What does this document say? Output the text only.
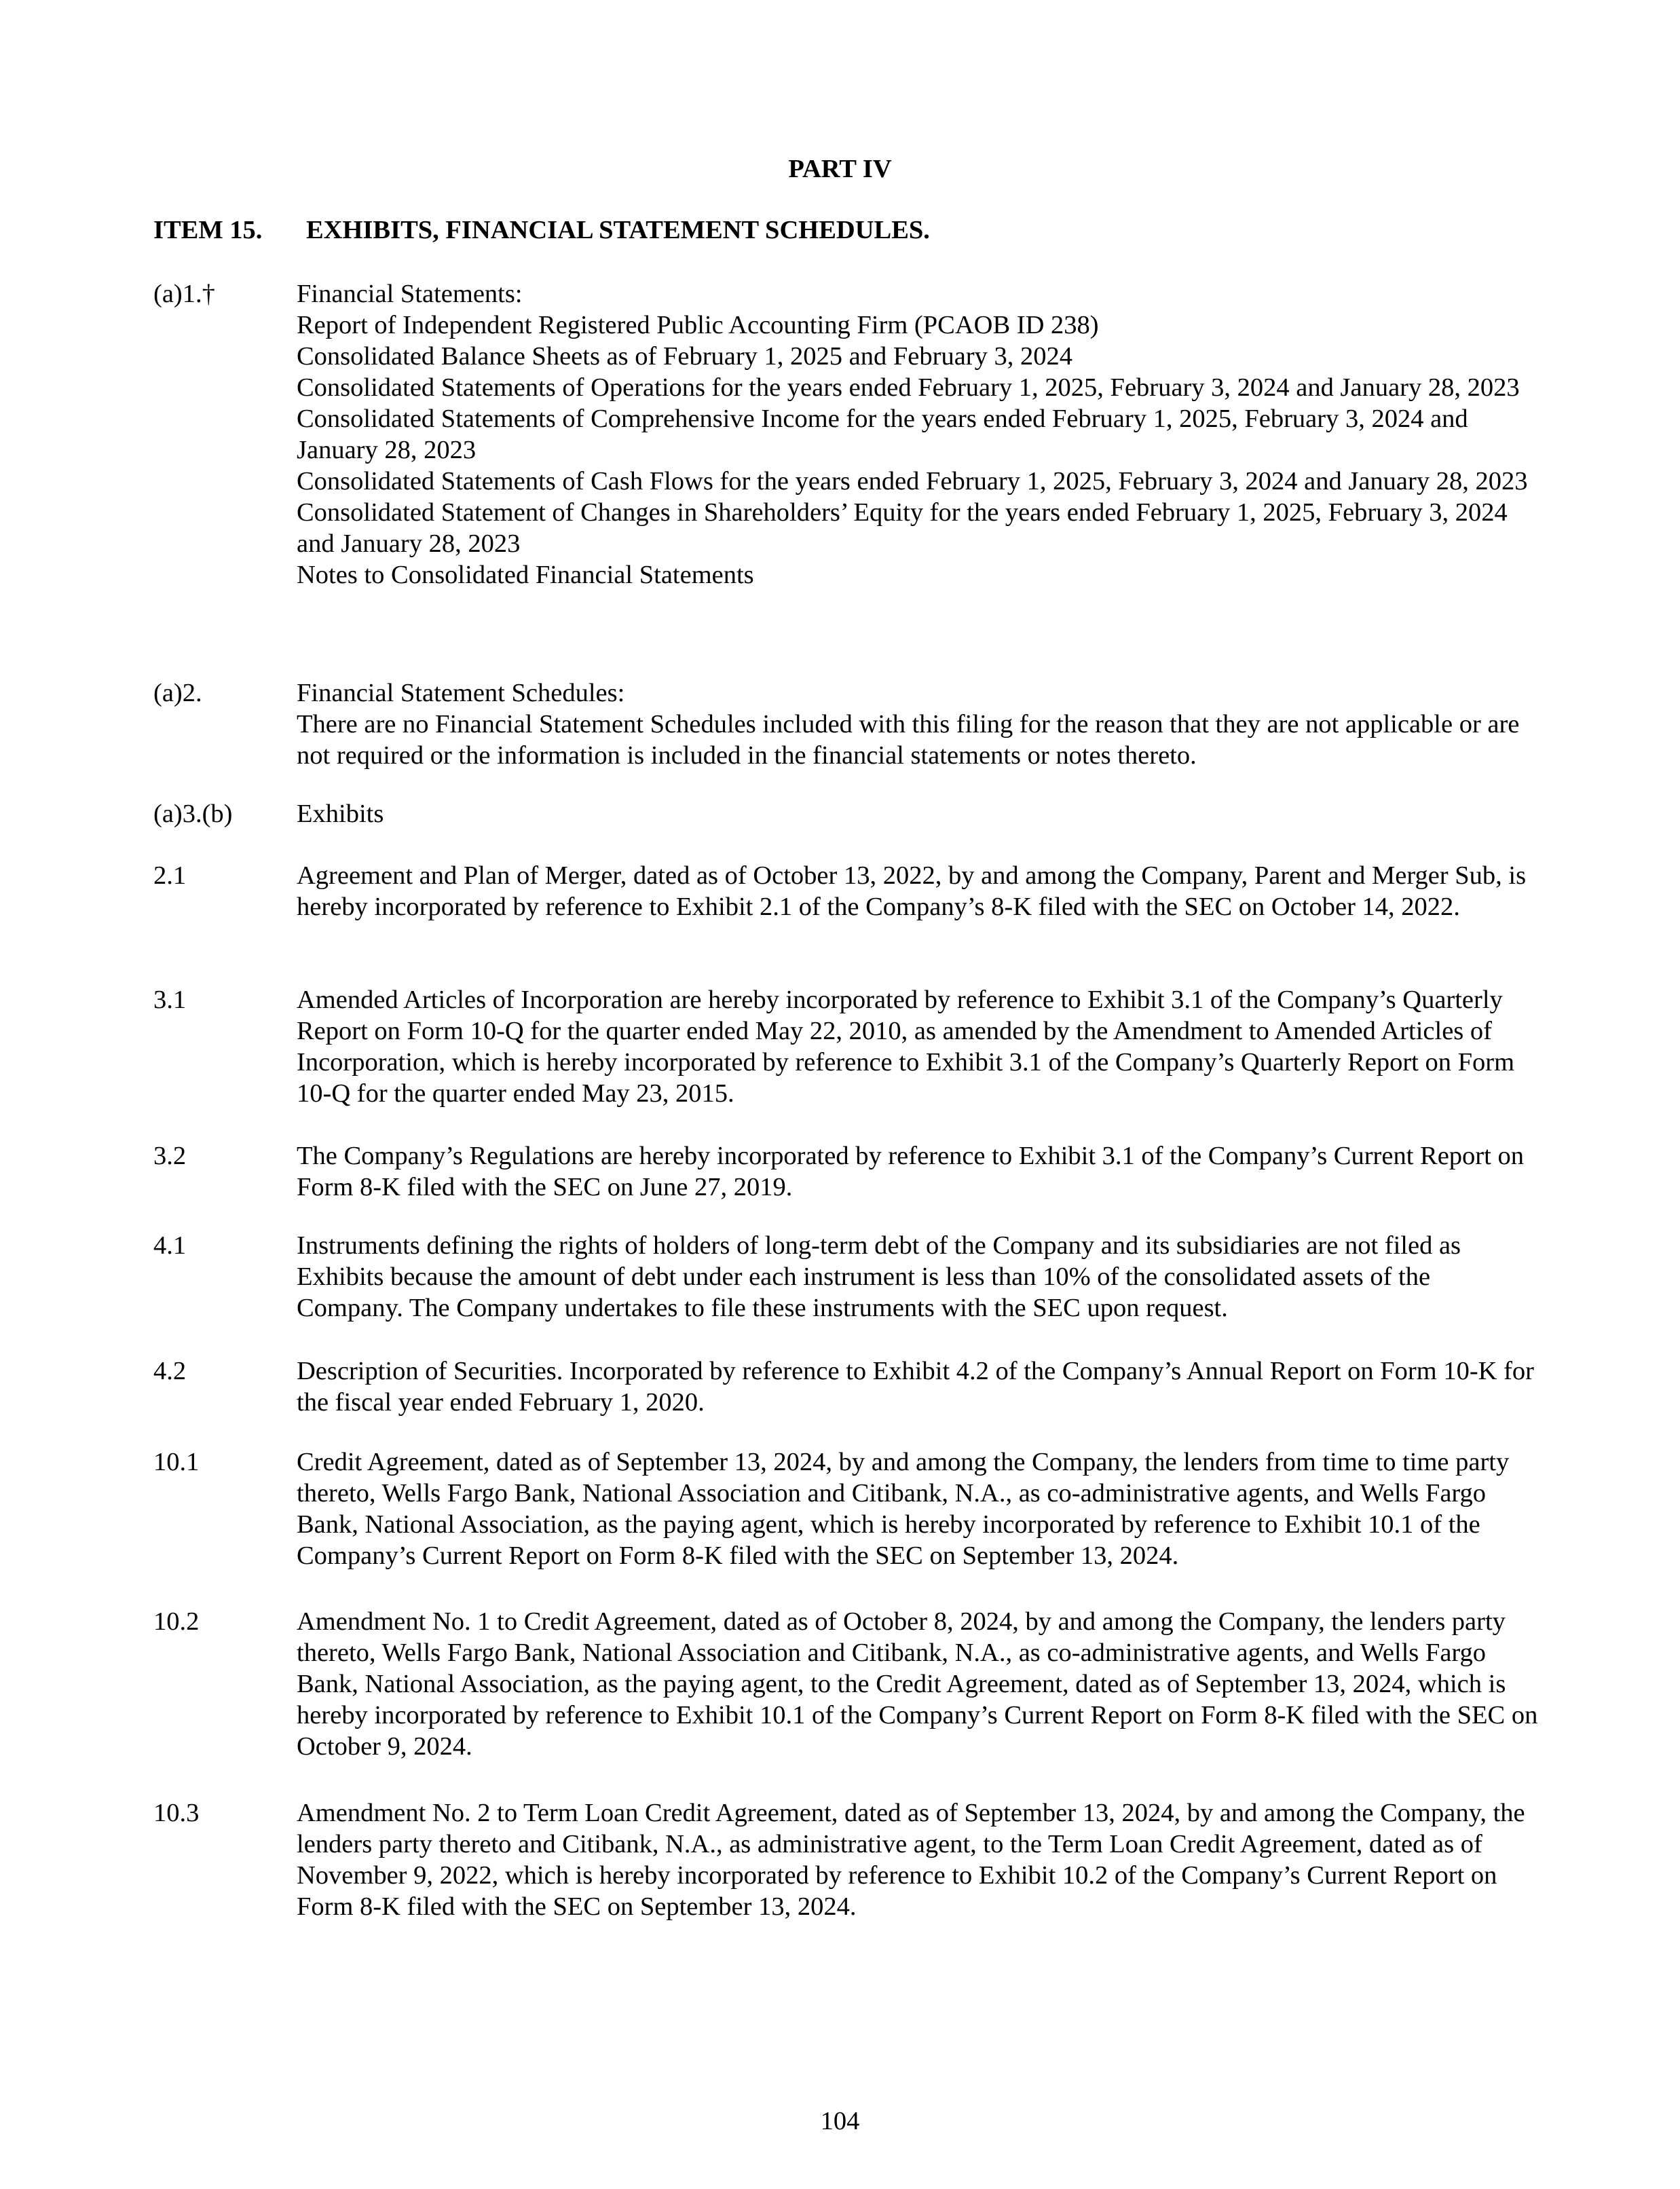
PART IV
ITEM 15. EXHIBITS, FINANCIAL STATEMENT SCHEDULES.
(a)1.†	Financial Statements:

Report of Independent Registered Public Accounting Firm (PCAOB ID 238)

Consolidated Balance Sheets as of February 1, 2025 and February 3, 2024

Consolidated Statements of Operations for the years ended February 1, 2025, February 3, 2024 and January 28, 2023

Consolidated Statements of Comprehensive Income for the years ended February 1, 2025, February 3, 2024 and January 28, 2023

Consolidated Statements of Cash Flows for the years ended February 1, 2025, February 3, 2024 and January 28, 2023

Consolidated Statement of Changes in Shareholders’ Equity for the years ended February 1, 2025, February 3, 2024 and January 28, 2023

Notes to Consolidated Financial Statements

(a)2.	Financial Statement Schedules:

There are no Financial Statement Schedules included with this filing for the reason that they are not applicable or are not required or the information is included in the financial statements or notes thereto.

(a)3.(b) Exhibits

2.1	Agreement and Plan of Merger, dated as of October 13, 2022, by and among the Company, Parent and Merger Sub, is hereby incorporated by reference to Exhibit 2.1 of the Company’s 8-K filed with the SEC on October 14, 2022.

3.1	Amended Articles of Incorporation are hereby incorporated by reference to Exhibit 3.1 of the Company’s Quarterly Report on Form 10-Q for the quarter ended May 22, 2010, as amended by the Amendment to Amended Articles of Incorporation, which is hereby incorporated by reference to Exhibit 3.1 of the Company’s Quarterly Report on Form 10-Q for the quarter ended May 23, 2015.

3.2	The Company’s Regulations are hereby incorporated by reference to Exhibit 3.1 of the Company’s Current Report on Form 8-K filed with the SEC on June 27, 2019.

4.1	Instruments defining the rights of holders of long-term debt of the Company and its subsidiaries are not filed as Exhibits because the amount of debt under each instrument is less than 10% of the consolidated assets of the Company. The Company undertakes to file these instruments with the SEC upon request.

4.2	Description of Securities. Incorporated by reference to Exhibit 4.2 of the Company’s Annual Report on Form 10-K for the fiscal year ended February 1, 2020.

10.1	Credit Agreement, dated as of September 13, 2024, by and among the Company, the lenders from time to time party thereto, Wells Fargo Bank, National Association and Citibank, N.A., as co-administrative agents, and Wells Fargo Bank, National Association, as the paying agent, which is hereby incorporated by reference to Exhibit 10.1 of the Company’s Current Report on Form 8-K filed with the SEC on September 13, 2024.

10.2	Amendment No. 1 to Credit Agreement, dated as of October 8, 2024, by and among the Company, the lenders party thereto, Wells Fargo Bank, National Association and Citibank, N.A., as co-administrative agents, and Wells Fargo Bank, National Association, as the paying agent, to the Credit Agreement, dated as of September 13, 2024, which is hereby incorporated by reference to Exhibit 10.1 of the Company’s Current Report on Form 8-K filed with the SEC on October 9, 2024.

10.3	Amendment No. 2 to Term Loan Credit Agreement, dated as of September 13, 2024, by and among the Company, the lenders party thereto and Citibank, N.A., as administrative agent, to the Term Loan Credit Agreement, dated as of November 9, 2022, which is hereby incorporated by reference to Exhibit 10.2 of the Company’s Current Report on Form 8-K filed with the SEC on September 13, 2024.

104
